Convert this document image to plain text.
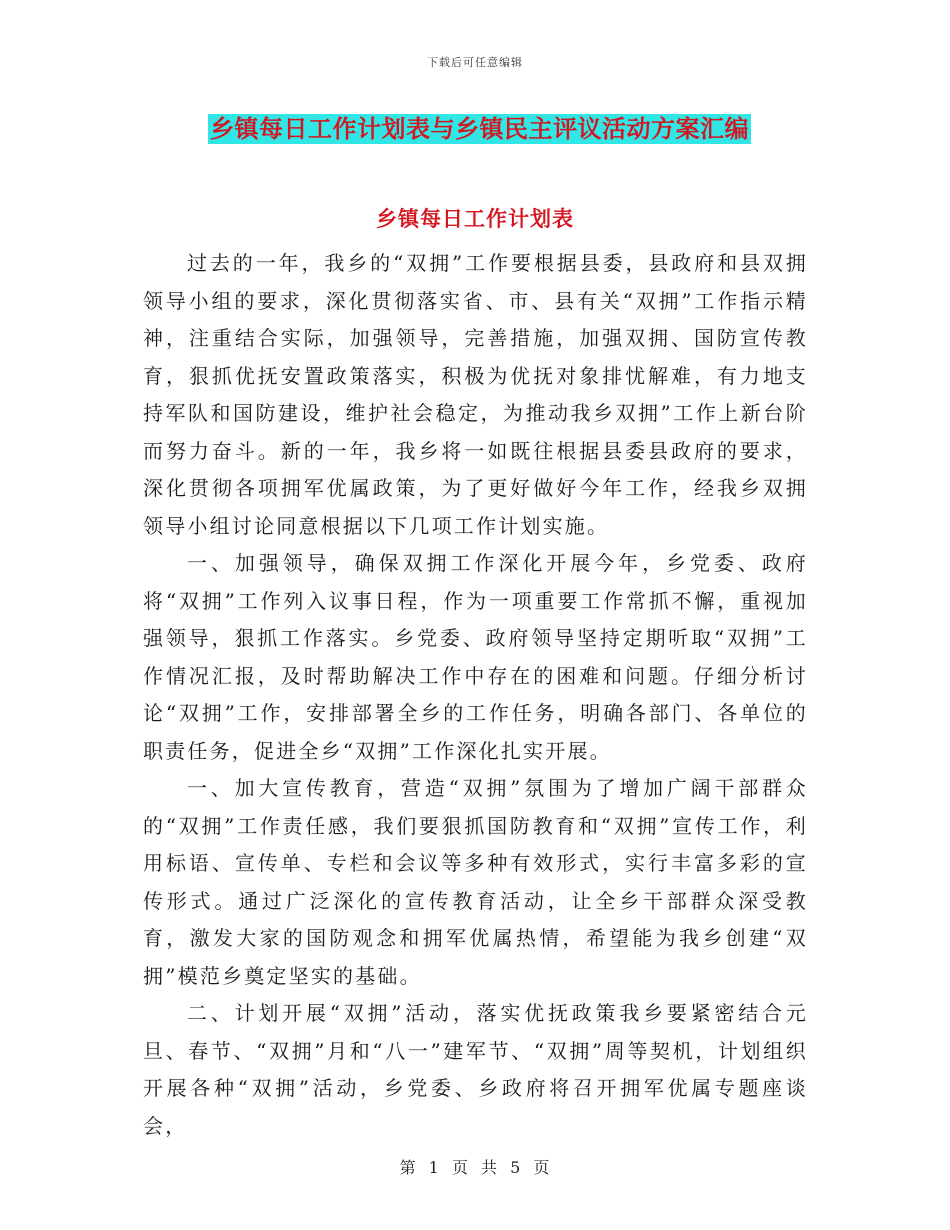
下载后可任意编辑
乡镇每日工作计划表与乡镇民主评议活动方案汇编
乡镇每日工作计划表

过去的一年，我乡的“双拥”工作要根据县委，县政府和县双拥领导小组的要求，深化贯彻落实省、市、县有关“双拥”工作指示精神，注重结合实际，加强领导，完善措施，加强双拥、国防宣传教育，狠抓优抚安置政策落实，积极为优抚对象排忧解难，有力地支持军队和国防建设，维护社会稳定，为推动我乡双拥”工作上新台阶而努力奋斗。新的一年，我乡将一如既往根据县委县政府的要求，深化贯彻各项拥军优属政策，为了更好做好今年工作，经我乡双拥领导小组讨论同意根据以下几项工作计划实施。

一、加强领导，确保双拥工作深化开展今年，乡党委、政府将“双拥”工作列入议事日程，作为一项重要工作常抓不懈，重视加强领导，狠抓工作落实。乡党委、政府领导坚持定期听取“双拥”工作情况汇报，及时帮助解决工作中存在的困难和问题。仔细分析讨论“双拥”工作，安排部署全乡的工作任务，明确各部门、各单位的职责任务，促进全乡“双拥”工作深化扎实开展。

一、加大宣传教育，营造“双拥”氛围为了增加广阔干部群众的“双拥”工作责任感，我们要狠抓国防教育和“双拥”宣传工作，利用标语、宣传单、专栏和会议等多种有效形式，实行丰富多彩的宣传形式。通过广泛深化的宣传教育活动，让全乡干部群众深受教育，激发大家的国防观念和拥军优属热情，希望能为我乡创建“双拥”模范乡奠定坚实的基础。

二、计划开展“双拥”活动，落实优抚政策我乡要紧密结合元旦、春节、“双拥”月和“八一”建军节、“双拥”周等契机，计划组织开展各种“双拥”活动，乡党委、乡政府将召开拥军优属专题座谈会，

第 1 页 共 5 页
